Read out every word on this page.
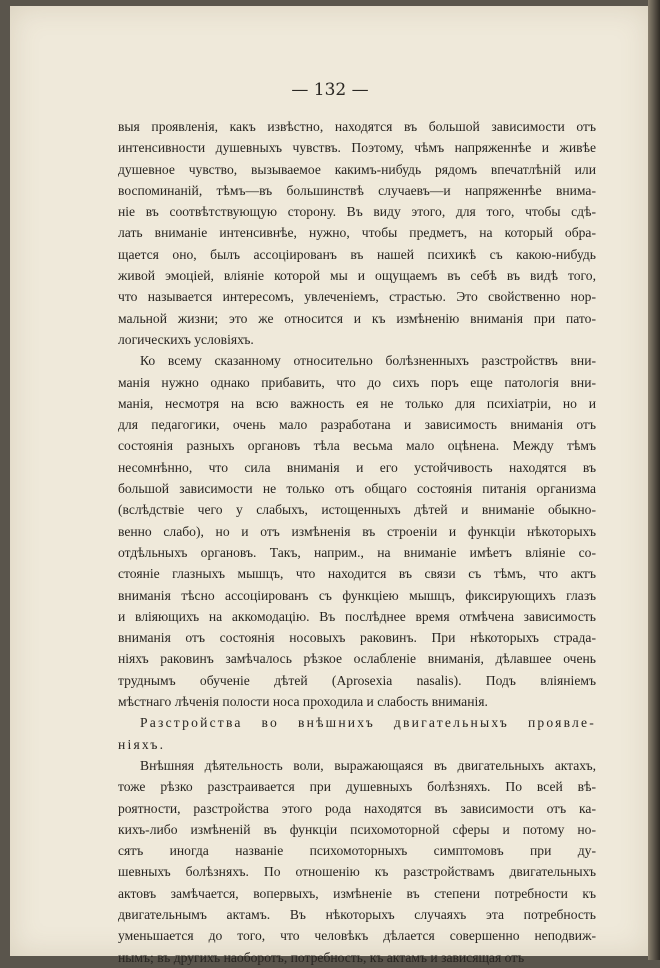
— 132 —

выя проявленія, какъ извѣстно, находятся въ большой зависимости отъ
интенсивности душевныхъ чувствъ. Поэтому, чѣмъ напряженнѣе и живѣе
душевное чувство, вызываемое какимъ-нибудь рядомъ впечатлѣній или
воспоминаній, тѣмъ—въ большинствѣ случаевъ—и напряженнѣе внима-
ніе въ соотвѣтствующую сторону. Въ виду этого, для того, чтобы сдѣ-
лать вниманіе интенсивнѣе, нужно, чтобы предметъ, на который обра-
щается оно, былъ ассоціированъ въ нашей психикѣ съ какою-нибудь
живой эмоціей, вліяніе которой мы и ощущаемъ въ себѣ въ видѣ того,
что называется интересомъ, увлеченіемъ, страстью. Это свойственно нор-
мальной жизни; это же относится и къ измѣненію вниманія при пато-
логическихъ условіяхъ.

Ко всему сказанному относительно болѣзненныхъ разстройствъ вни-
манія нужно однако прибавить, что до сихъ поръ еще патологія вни-
манія, несмотря на всю важность ея не только для психіатріи, но и
для педагогики, очень мало разработана и зависимость вниманія отъ
состоянія разныхъ органовъ тѣла весьма мало оцѣнена. Между тѣмъ
несомнѣнно, что сила вниманія и его устойчивость находятся въ
большой зависимости не только отъ общаго состоянія питанія организма
(вслѣдствіе чего у слабыхъ, истощенныхъ дѣтей и вниманіе обыкно-
венно слабо), но и отъ измѣненія въ строеніи и функціи нѣкоторыхъ
отдѣльныхъ органовъ. Такъ, наприм., на вниманіе имѣетъ вліяніе со-
стояніе глазныхъ мышцъ, что находится въ связи съ тѣмъ, что актъ
вниманія тѣсно ассоціированъ съ функціею мышцъ, фиксирующихъ глазъ
и вліяющихъ на аккомодацію. Въ послѣднее время отмѣчена зависимость
вниманія отъ состоянія носовыхъ раковинъ. При нѣкоторыхъ страда-
ніяхъ раковинъ замѣчалось рѣзкое ослабленіе вниманія, дѣлавшее очень
труднымъ обученіе дѣтей (Aprosexia nasalis). Подъ вліяніемъ
мѣстнаго лѣченія полости носа проходила и слабость вниманія.

Разстройства во внѣшнихъ двигательныхъ проявле-
ніяхъ.

Внѣшняя дѣятельность воли, выражающаяся въ двигательныхъ актахъ,
тоже рѣзко разстраивается при душевныхъ болѣзняхъ. По всей вѣ-
роятности, разстройства этого рода находятся въ зависимости отъ ка-
кихъ-либо измѣненій въ функціи психомоторной сферы и потому но-
сятъ иногда названіе психомоторныхъ симптомовъ при ду-
шевныхъ болѣзняхъ. По отношенію къ разстройствамъ двигательныхъ
актовъ замѣчается, вопервыхъ, измѣненіе въ степени потребности къ
двигательнымъ актамъ. Въ нѣкоторыхъ случаяхъ эта потребность
уменьшается до того, что человѣкъ дѣлается совершенно неподвиж-
нымъ; въ другихъ наоборотъ, потребность, къ актамъ и зависящая отъ
